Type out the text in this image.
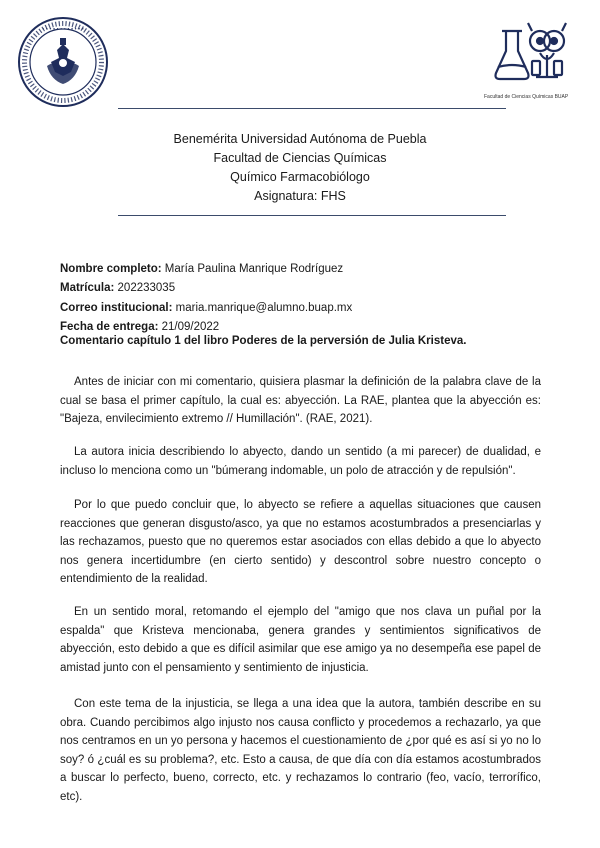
• • • • • • • • • • • •
Facultad de Ciencias Químicas BUAP
Benemérita Universidad Autónoma de Puebla
Facultad de Ciencias Químicas
Químico Farmacobiólogo
Asignatura: FHS
Nombre completo: María Paulina Manrique Rodríguez
Matrícula: 202233035
Correo institucional: maria.manrique@alumno.buap.mx
Fecha de entrega: 21/09/2022
Comentario capítulo 1 del libro Poderes de la perversión de Julia Kristeva.
Antes de iniciar con mi comentario, quisiera plasmar la definición de la palabra clave de la cual se basa el primer capítulo, la cual es: abyección. La RAE, plantea que la abyección es: "Bajeza, envilecimiento extremo // Humillación". (RAE, 2021).
La autora inicia describiendo lo abyecto, dando un sentido (a mi parecer) de dualidad, e incluso lo menciona como un "búmerang indomable, un polo de atracción y de repulsión".
Por lo que puedo concluir que, lo abyecto se refiere a aquellas situaciones que causen reacciones que generan disgusto/asco, ya que no estamos acostumbrados a presenciarlas y las rechazamos, puesto que no queremos estar asociados con ellas debido a que lo abyecto nos genera incertidumbre (en cierto sentido) y descontrol sobre nuestro concepto o entendimiento de la realidad.
En un sentido moral, retomando el ejemplo del "amigo que nos clava un puñal por la espalda" que Kristeva mencionaba, genera grandes y sentimientos significativos de abyección, esto debido a que es difícil asimilar que ese amigo ya no desempeña ese papel de amistad junto con el pensamiento y sentimiento de injusticia.
Con este tema de la injusticia, se llega a una idea que la autora, también describe en su obra. Cuando percibimos algo injusto nos causa conflicto y procedemos a rechazarlo, ya que nos centramos en un yo persona y hacemos el cuestionamiento de ¿por qué es así si yo no lo soy? ó ¿cuál es su problema?, etc. Esto a causa, de que día con día estamos acostumbrados a buscar lo perfecto, bueno, correcto, etc. y rechazamos lo contrario (feo, vacío, terrorífico, etc).
